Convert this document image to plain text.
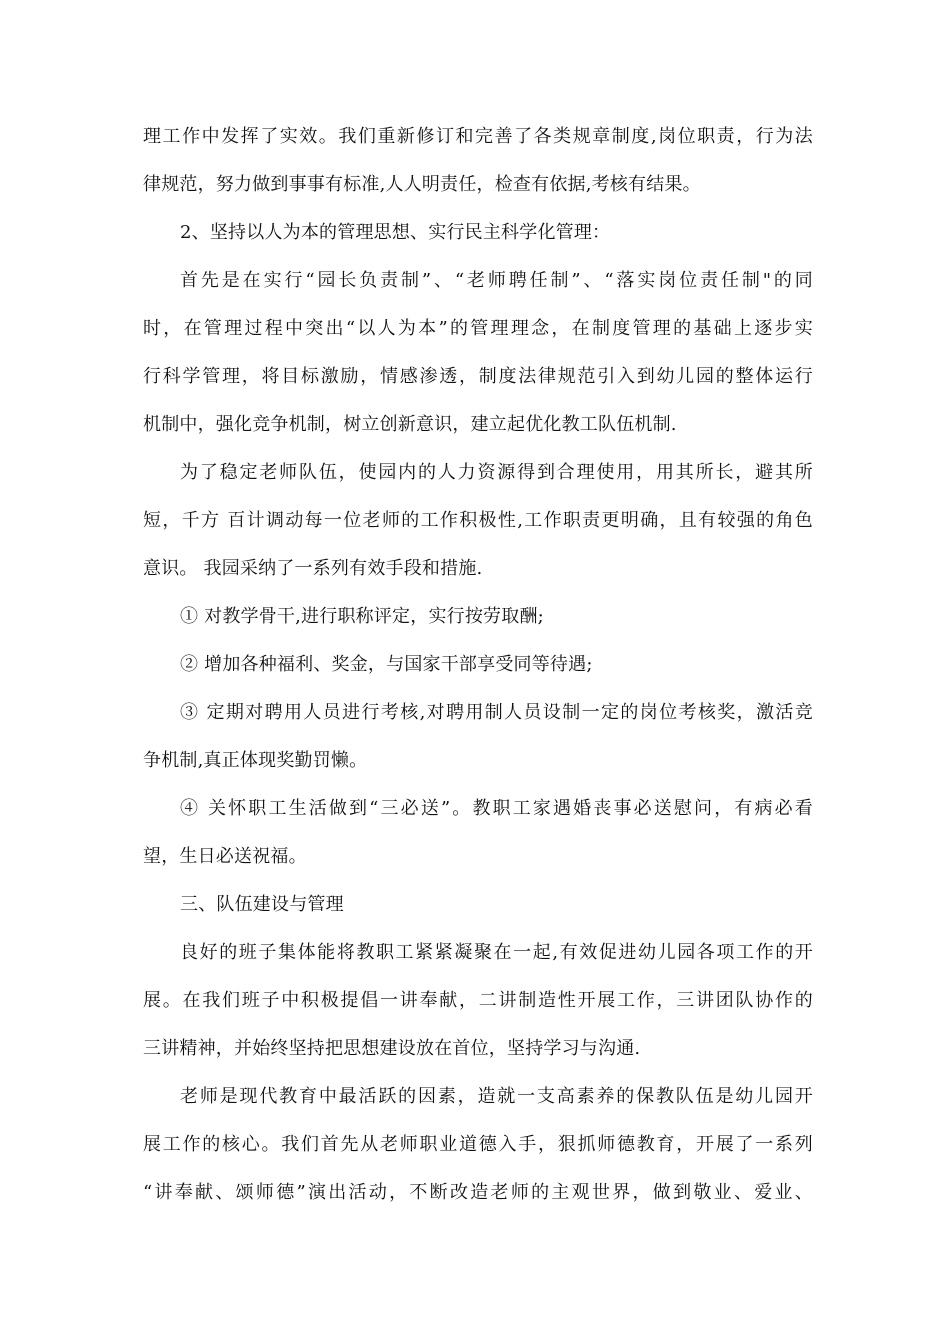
理工作中发挥了实效。我们重新修订和完善了各类规章制度,岗位职责，行为法
律规范，努力做到事事有标准,人人明责任，检查有依据,考核有结果。
2、坚持以人为本的管理思想、实行民主科学化管理：
首先是在实行“园长负责制”、“老师聘任制”、“落实岗位责任制"的同
时，在管理过程中突出“以人为本”的管理理念，在制度管理的基础上逐步实
行科学管理，将目标激励，情感渗透，制度法律规范引入到幼儿园的整体运行
机制中，强化竞争机制，树立创新意识，建立起优化教工队伍机制.
为了稳定老师队伍，使园内的人力资源得到合理使用，用其所长，避其所
短，千方 百计调动每一位老师的工作积极性,工作职责更明确，且有较强的角色
意识。 我园采纳了一系列有效手段和措施.
① 对教学骨干,进行职称评定，实行按劳取酬;
② 增加各种福利、奖金，与国家干部享受同等待遇;
③ 定期对聘用人员进行考核,对聘用制人员设制一定的岗位考核奖，激活竞
争机制,真正体现奖勤罚懒。
④ 关怀职工生活做到“三必送”。教职工家遇婚丧事必送慰问，有病必看
望，生日必送祝福。
三、队伍建设与管理
良好的班子集体能将教职工紧紧凝聚在一起,有效促进幼儿园各项工作的开
展。在我们班子中积极提倡一讲奉献，二讲制造性开展工作，三讲团队协作的
三讲精神，并始终坚持把思想建设放在首位，坚持学习与沟通.
老师是现代教育中最活跃的因素，造就一支高素养的保教队伍是幼儿园开
展工作的核心。我们首先从老师职业道德入手，狠抓师德教育，开展了一系列
“讲奉献、颂师德”演出活动，不断改造老师的主观世界，做到敬业、爱业、
